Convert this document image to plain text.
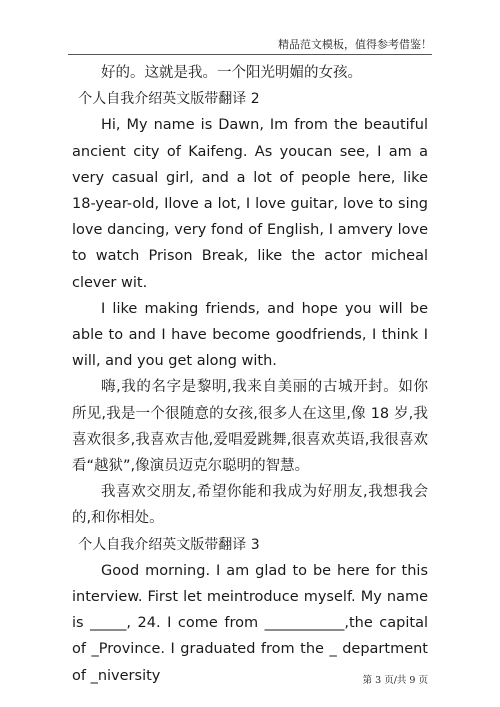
精品范文模板，值得参考借鉴！

好的。这就是我。一个阳光明媚的女孩。

个人自我介绍英文版带翻译 2

Hi, My name is Dawn, Im from the beautiful ancient city of Kaifeng. As youcan see, I am a very casual girl, and a lot of people here, like 18-year-old, Ilove a lot, I love guitar, love to sing love dancing, very fond of English, I amvery love to watch Prison Break, like the actor micheal clever wit.

I like making friends, and hope you will be able to and I have become goodfriends, I think I will, and you get along with.

嗨,我的名字是黎明,我来自美丽的古城开封。如你所见,我是一个很随意的女孩,很多人在这里,像 18 岁,我喜欢很多,我喜欢吉他,爱唱爱跳舞,很喜欢英语,我很喜欢看“越狱”,像演员迈克尔聪明的智慧。

我喜欢交朋友,希望你能和我成为好朋友,我想我会的,和你相处。

个人自我介绍英文版带翻译 3

Good morning. I am glad to be here for this interview. First let meintroduce myself. My name is _____, 24. I come from ___________,the capital of _Province. I graduated from the _ department of _niversity	第 3 页/共 9 页
